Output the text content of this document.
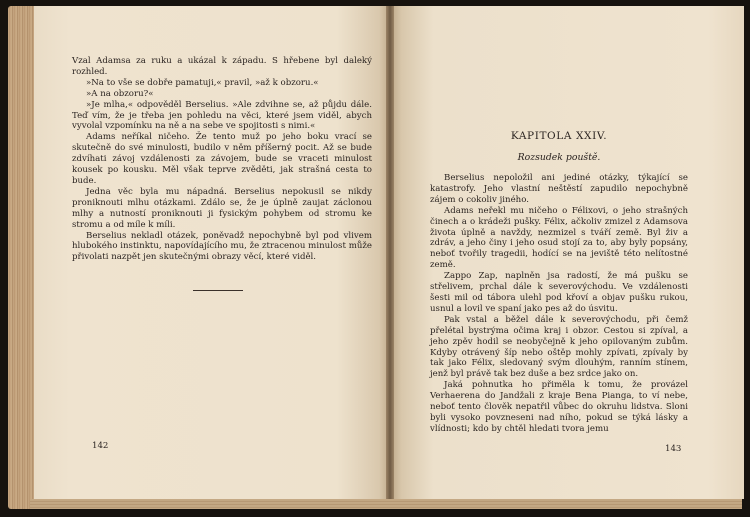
Vzal Adamsa za ruku a ukázal k západu. S hřebene byl daleký rozhled.

»Na to vše se dobře pamatuji,« pravil, »až k obzoru.«

»A na obzoru?«

»Je mlha,« odpověděl Berselius. »Ale zdvihne se, až půjdu dále. Teď vím, že je třeba jen pohledu na věci, které jsem viděl, abych vyvolal vzpomínku na ně a na sebe ve spojitosti s nimi.«

Adams neříkal ničeho. Že tento muž po jeho boku vrací se skutečně do své minulosti, budilo v něm příšerný pocit. Až se bude zdvíhati závoj vzdálenosti za závojem, bude se vraceti minulost kousek po kousku. Měl však teprve zvěděti, jak strašná cesta to bude.

Jedna věc byla mu nápadná. Berselius nepokusil se nikdy proniknouti mlhu otázkami. Zdálo se, že je úplně zaujat záclonou mlhy a nutností proniknouti ji fysickým pohybem od stromu ke stromu a od míle k míli.

Berselius nekladl otázek, poněvadž nepochybně byl pod vlivem hlubokého instinktu, napovídajícího mu, že ztracenou minulost může přivolati nazpět jen skutečnými obrazy věcí, které viděl.

142
KAPITOLA XXIV.
Rozsudek pouště.

Berselius nepoložil ani jediné otázky, týkající se katastrofy. Jeho vlastní neštěstí zapudilo nepochybně zájem o cokoliv jiného.

Adams neřekl mu ničeho o Félixovi, o jeho strašných činech a o krádeži pušky. Félix, ačkoliv zmizel z Adamsova života úplně a navždy, nezmizel s tváří země. Byl živ a zdráv, a jeho činy i jeho osud stojí za to, aby byly popsány, neboť tvořily tragedii, hodící se na jeviště této nelítostné země.

Zappo Zap, naplněn jsa radostí, že má pušku se střelivem, prchal dále k severovýchodu. Ve vzdálenosti šesti mil od tábora ulehl pod křoví a objav pušku rukou, usnul a lovil ve spaní jako pes až do úsvitu.

Pak vstal a běžel dále k severovýchodu, při čemž přelétal bystrýma očima kraj i obzor. Cestou si zpíval, a jeho zpěv hodil se neobyčejně k jeho opilovaným zubům. Kdyby otrávený šíp nebo oštěp mohly zpívati, zpívaly by tak jako Félix, sledovaný svým dlouhým, ranním stínem, jenž byl právě tak bez duše a bez srdce jako on.

Jaká pohnutka ho přiměla k tomu, že provázel Verhaerena do Jandžali z kraje Bena Pianga, to ví nebe, neboť tento člověk nepatřil vůbec do okruhu lidstva. Sloni byli vysoko povzneseni nad ního, pokud se týká lásky a vlídnosti; kdo by chtěl hledati tvora jemu

143
